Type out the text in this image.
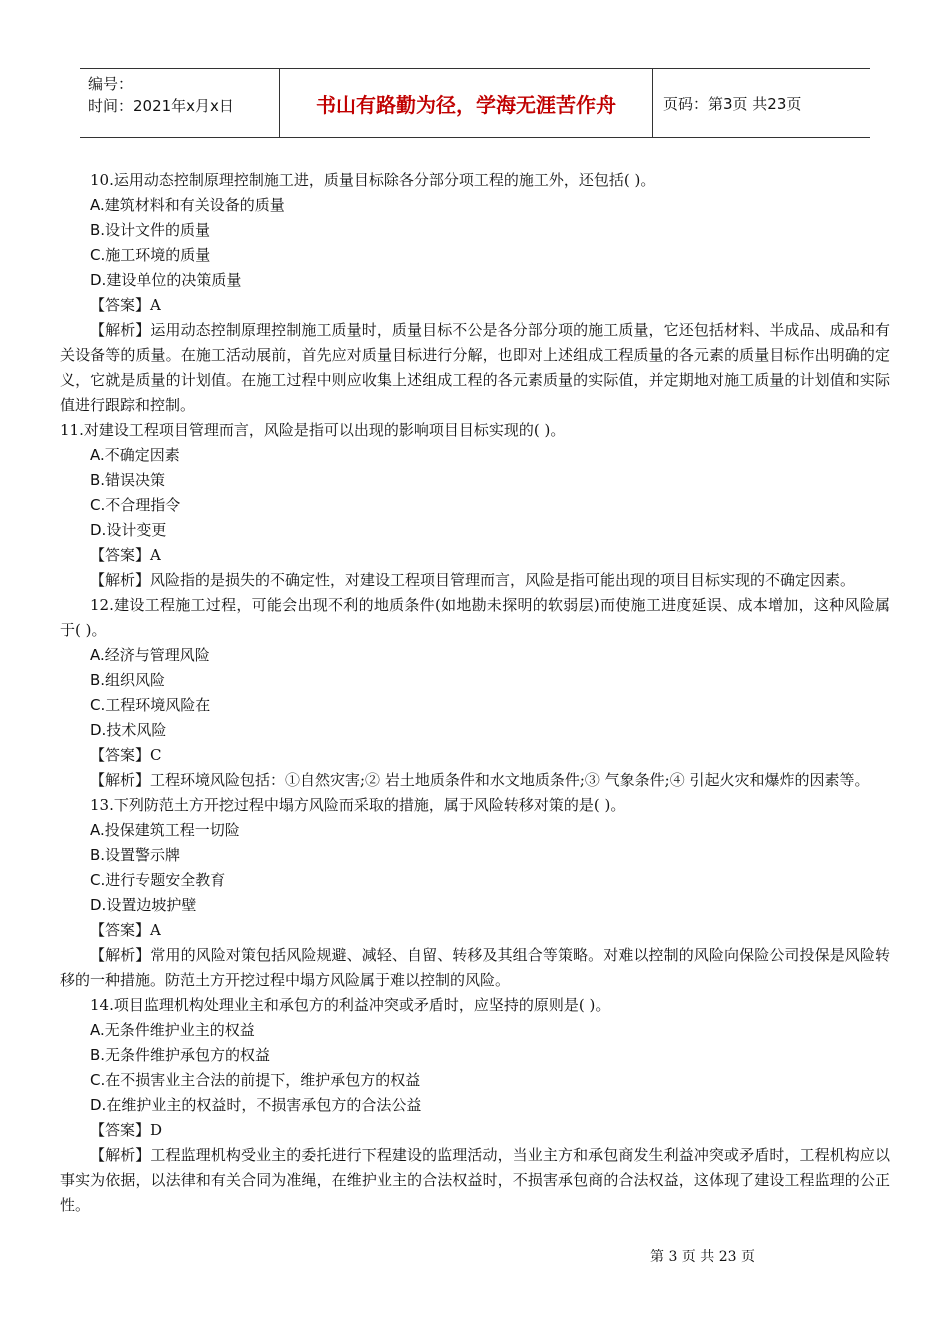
编号：
时间：2021年x月x日	书山有路勤为径，学海无涯苦作舟	页码：第3页 共23页
10.运用动态控制原理控制施工进，质量目标除各分部分项工程的施工外，还包括( )。
A.建筑材料和有关设备的质量
B.设计文件的质量
C.施工环境的质量
D.建设单位的决策质量
【答案】A
【解析】运用动态控制原理控制施工质量时，质量目标不公是各分部分项的施工质量，它还包括材料、半成品、成品和有关设备等的质量。在施工活动展前，首先应对质量目标进行分解，也即对上述组成工程质量的各元素的质量目标作出明确的定义，它就是质量的计划值。在施工过程中则应收集上述组成工程的各元素质量的实际值，并定期地对施工质量的计划值和实际值进行跟踪和控制。
11.对建设工程项目管理而言，风险是指可以出现的影响项目目标实现的( )。
A.不确定因素
B.错误决策
C.不合理指令
D.设计变更
【答案】A
【解析】风险指的是损失的不确定性，对建设工程项目管理而言，风险是指可能出现的项目目标实现的不确定因素。
12.建设工程施工过程，可能会出现不利的地质条件(如地勘未探明的软弱层)而使施工进度延误、成本增加，这种风险属于( )。
A.经济与管理风险
B.组织风险
C.工程环境风险在
D.技术风险
【答案】C
【解析】工程环境风险包括：①自然灾害;② 岩土地质条件和水文地质条件;③ 气象条件;④ 引起火灾和爆炸的因素等。
13.下列防范土方开挖过程中塌方风险而采取的措施，属于风险转移对策的是( )。
A.投保建筑工程一切险
B.设置警示牌
C.进行专题安全教育
D.设置边坡护壁
【答案】A
【解析】常用的风险对策包括风险规避、减轻、自留、转移及其组合等策略。对难以控制的风险向保险公司投保是风险转移的一种措施。防范土方开挖过程中塌方风险属于难以控制的风险。
14.项目监理机构处理业主和承包方的利益冲突或矛盾时，应坚持的原则是( )。
A.无条件维护业主的权益
B.无条件维护承包方的权益
C.在不损害业主合法的前提下，维护承包方的权益
D.在维护业主的权益时，不损害承包方的合法公益
【答案】D
【解析】工程监理机构受业主的委托进行下程建设的监理活动，当业主方和承包商发生利益冲突或矛盾时，工程机构应以事实为依据，以法律和有关合同为准绳，在维护业主的合法权益时，不损害承包商的合法权益，这体现了建设工程监理的公正性。
第 3 页 共 23 页
